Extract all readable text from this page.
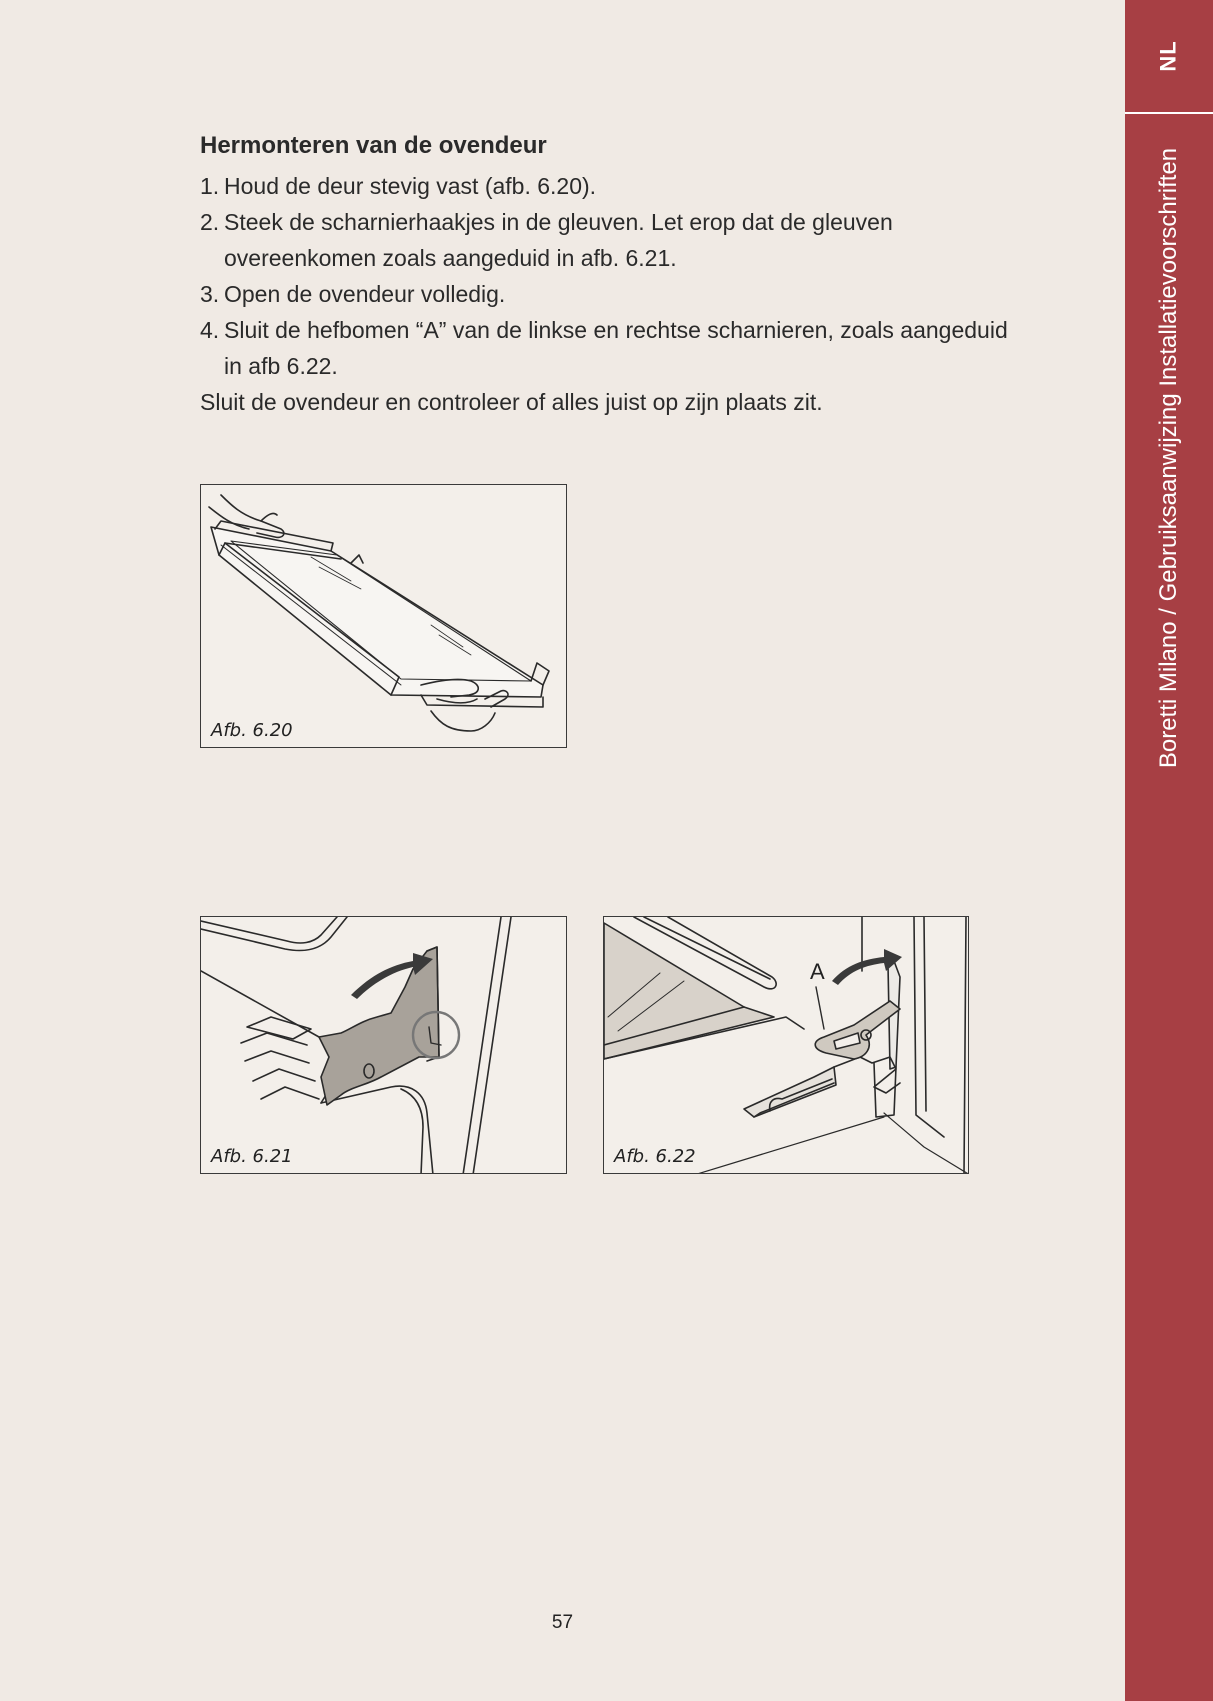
NL
Boretti Milano / Gebruiksaanwijzing Installatievoorschriften
Hermonteren van de ovendeur
1. Houd de deur stevig vast (afb. 6.20).
2. Steek de scharnierhaakjes in de gleuven. Let erop dat de gleuven overeenkomen zoals aangeduid in afb. 6.21.
3. Open de ovendeur volledig.
4. Sluit de hefbomen “A” van de linkse en rechtse scharnieren, zoals aangeduid in afb 6.22.

Sluit de ovendeur en controleer of alles juist op zijn plaats zit.

Afb. 6.20
Afb. 6.21
A
Afb. 6.22
57
